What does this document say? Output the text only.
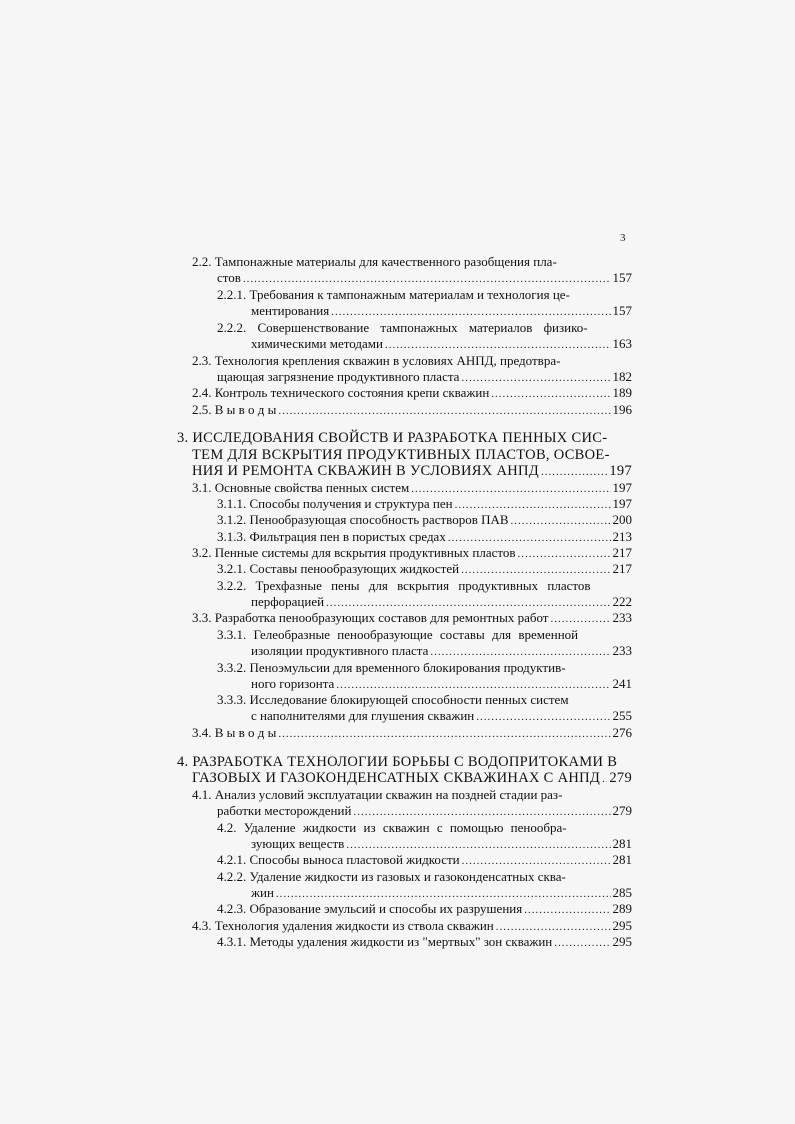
3
2.2. Тампонажные материалы для качественного разобщения пла-
стов .....	157
2.2.1. Требования к тампонажным материалам и технология це-
ментирования .....	157
2.2.2. Совершенствование тампонажных материалов физико-
химическими методами .....	163
2.3. Технология крепления скважин в условиях АНПД, предотвра-
щающая загрязнение продуктивного пласта .....	182
2.4. Контроль технического состояния крепи скважин .....	189
2.5. В ы в о д ы .....	196
3. ИССЛЕДОВАНИЯ СВОЙСТВ И РАЗРАБОТКА ПЕННЫХ СИС-
ТЕМ ДЛЯ ВСКРЫТИЯ ПРОДУКТИВНЫХ ПЛАСТОВ, ОСВОЕ-
НИЯ И РЕМОНТА СКВАЖИН В УСЛОВИЯХ АНПД .....	197
3.1. Основные свойства пенных систем .....	197
3.1.1. Способы получения и структура пен .....	197
3.1.2. Пенообразующая способность растворов ПАВ .....	200
3.1.3. Фильтрация пен в пористых средах .....	213
3.2. Пенные системы для вскрытия продуктивных пластов .....	217
3.2.1. Составы пенообразующих жидкостей .....	217
3.2.2. Трехфазные пены для вскрытия продуктивных пластов
перфорацией .....	222
3.3. Разработка пенообразующих составов для ремонтных работ .....	233
3.3.1. Гелеобразные пенообразующие составы для временной
изоляции продуктивного пласта .....	233
3.3.2. Пеноэмульсии для временного блокирования продуктив-
ного горизонта .....	241
3.3.3. Исследование блокирующей способности пенных систем
с наполнителями для глушения скважин .....	255
3.4. В ы в о д ы .....	276
4. РАЗРАБОТКА ТЕХНОЛОГИИ БОРЬБЫ С ВОДОПРИТОКАМИ В
ГАЗОВЫХ И ГАЗОКОНДЕНСАТНЫХ СКВАЖИНАХ С АНПД ..... 279
4.1. Анализ условий эксплуатации скважин на поздней стадии раз-
работки месторождений .....	279
4.2. Удаление жидкости из скважин с помощью пенообра-
зующих веществ .....	281
4.2.1. Способы выноса пластовой жидкости .....	281
4.2.2. Удаление жидкости из газовых и газоконденсатных сква-
жин .....	285
4.2.3. Образование эмульсий и способы их разрушения .....	289
4.3. Технология удаления жидкости из ствола скважин .....	295
4.3.1. Методы удаления жидкости из "мертвых" зон скважин .....	295
